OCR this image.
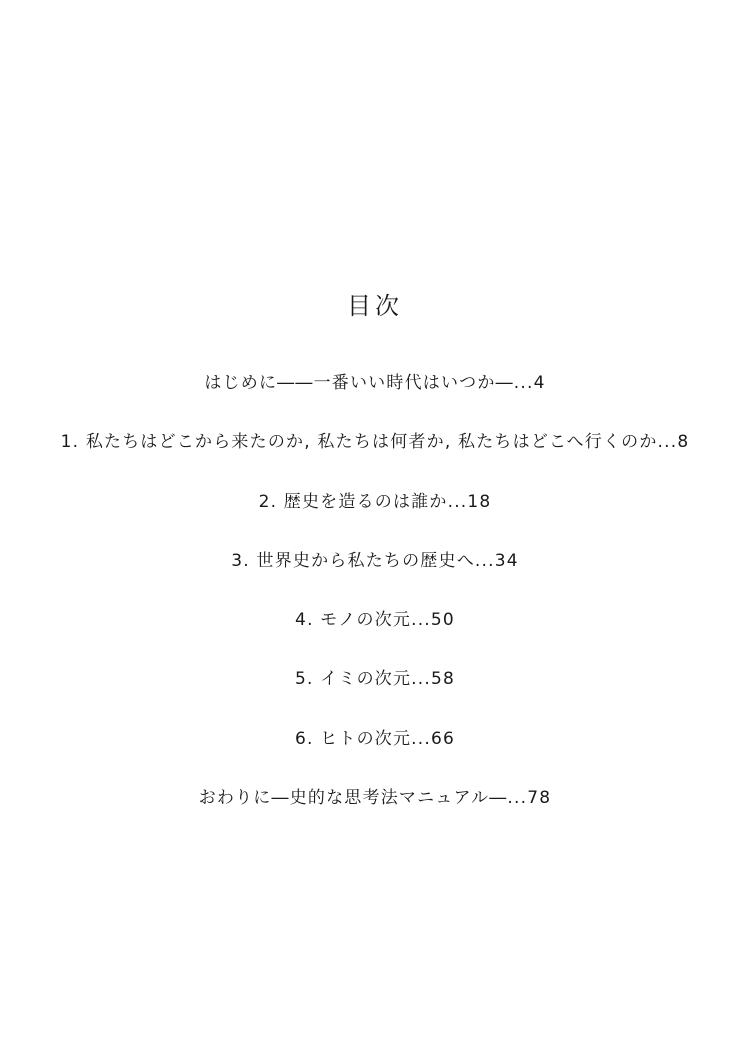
目次
はじめに――一番いい時代はいつか―...4
1. 私たちはどこから来たのか, 私たちは何者か, 私たちはどこへ行くのか...8
2. 歴史を造るのは誰か...18
3. 世界史から私たちの歴史へ...34
4. モノの次元...50
5. イミの次元...58
6. ヒトの次元...66
おわりに―史的な思考法マニュアル―...78
